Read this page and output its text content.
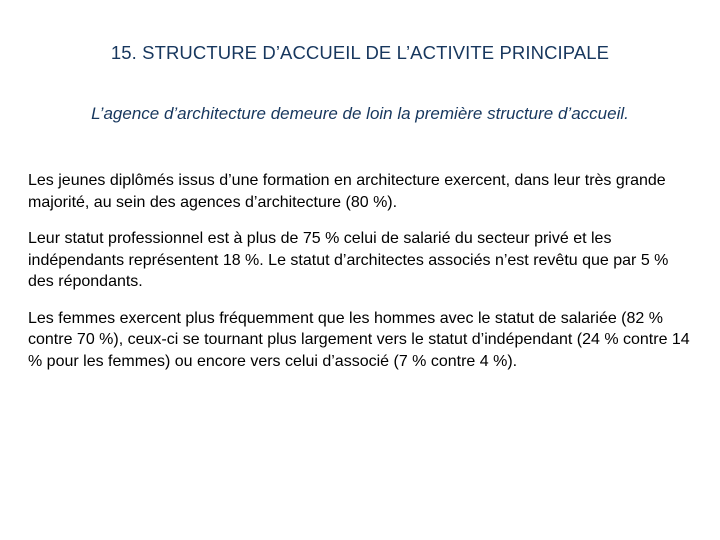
15. STRUCTURE D’ACCUEIL DE L’ACTIVITE PRINCIPALE
L’agence d’architecture demeure de loin la première structure d’accueil.

Les jeunes diplômés issus d’une formation en architecture exercent, dans leur très grande majorité, au sein des agences d’architecture (80 %).

Leur statut professionnel est à plus de 75 % celui de salarié du secteur privé et les indépendants représentent 18 %. Le statut d’architectes associés n’est revêtu que par 5 % des répondants.

Les femmes exercent plus fréquemment que les hommes avec le statut de salariée (82 % contre 70 %), ceux-ci se tournant plus largement vers le statut d’indépendant (24 % contre 14 % pour les femmes) ou encore vers celui d’associé (7 % contre 4 %).
